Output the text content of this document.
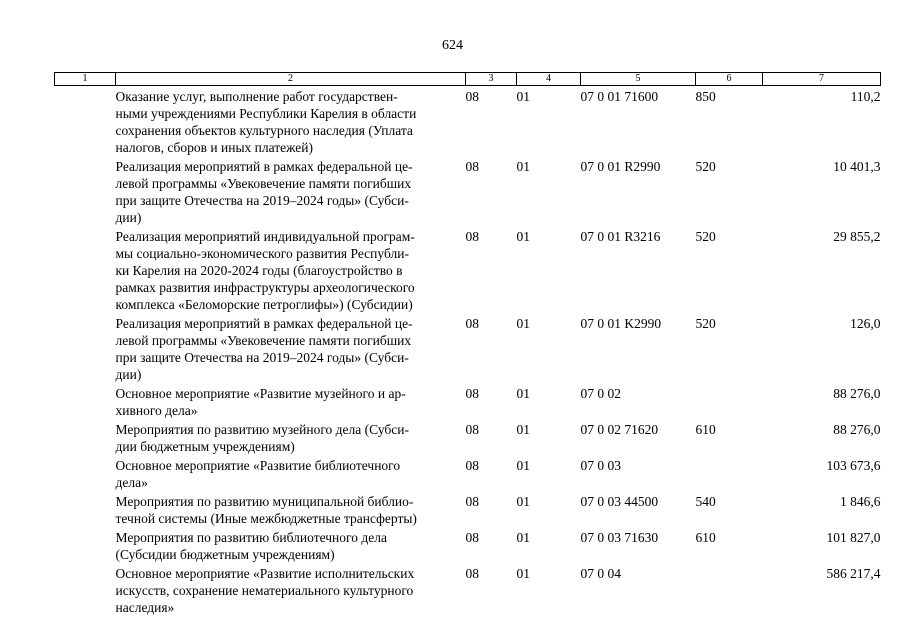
624
1	2	3	4	5	6	7
	Оказание услуг, выполнение работ государствен-
ными учреждениями Республики Карелия в области
сохранения объектов культурного наследия (Уплата
налогов, сборов и иных платежей)	08	01	07 0 01 71600	850	110,2
	Реализация мероприятий в рамках федеральной це-
левой программы «Увековечение памяти погибших
при защите Отечества на 2019–2024 годы» (Субси-
дии)	08	01	07 0 01 R2990	520	10 401,3
	Реализация мероприятий индивидуальной програм-
мы социально-экономического развития Республи-
ки Карелия на 2020-2024 годы (благоустройство в
рамках развития инфраструктуры археологического
комплекса «Беломорские петроглифы») (Субсидии)	08	01	07 0 01 R3216	520	29 855,2
	Реализация мероприятий в рамках федеральной це-
левой программы «Увековечение памяти погибших
при защите Отечества на 2019–2024 годы» (Субси-
дии)	08	01	07 0 01 K2990	520	126,0
	Основное мероприятие «Развитие музейного и ар-
хивного дела»	08	01	07 0 02		88 276,0
	Мероприятия по развитию музейного дела (Субси-
дии бюджетным учреждениям)	08	01	07 0 02 71620	610	88 276,0
	Основное мероприятие «Развитие библиотечного
дела»	08	01	07 0 03		103 673,6
	Мероприятия по развитию муниципальной библио-
течной системы (Иные межбюджетные трансферты)	08	01	07 0 03 44500	540	1 846,6
	Мероприятия по развитию библиотечного дела
(Субсидии бюджетным учреждениям)	08	01	07 0 03 71630	610	101 827,0
	Основное мероприятие «Развитие исполнительских
искусств, сохранение нематериального культурного
наследия»	08	01	07 0 04		586 217,4
